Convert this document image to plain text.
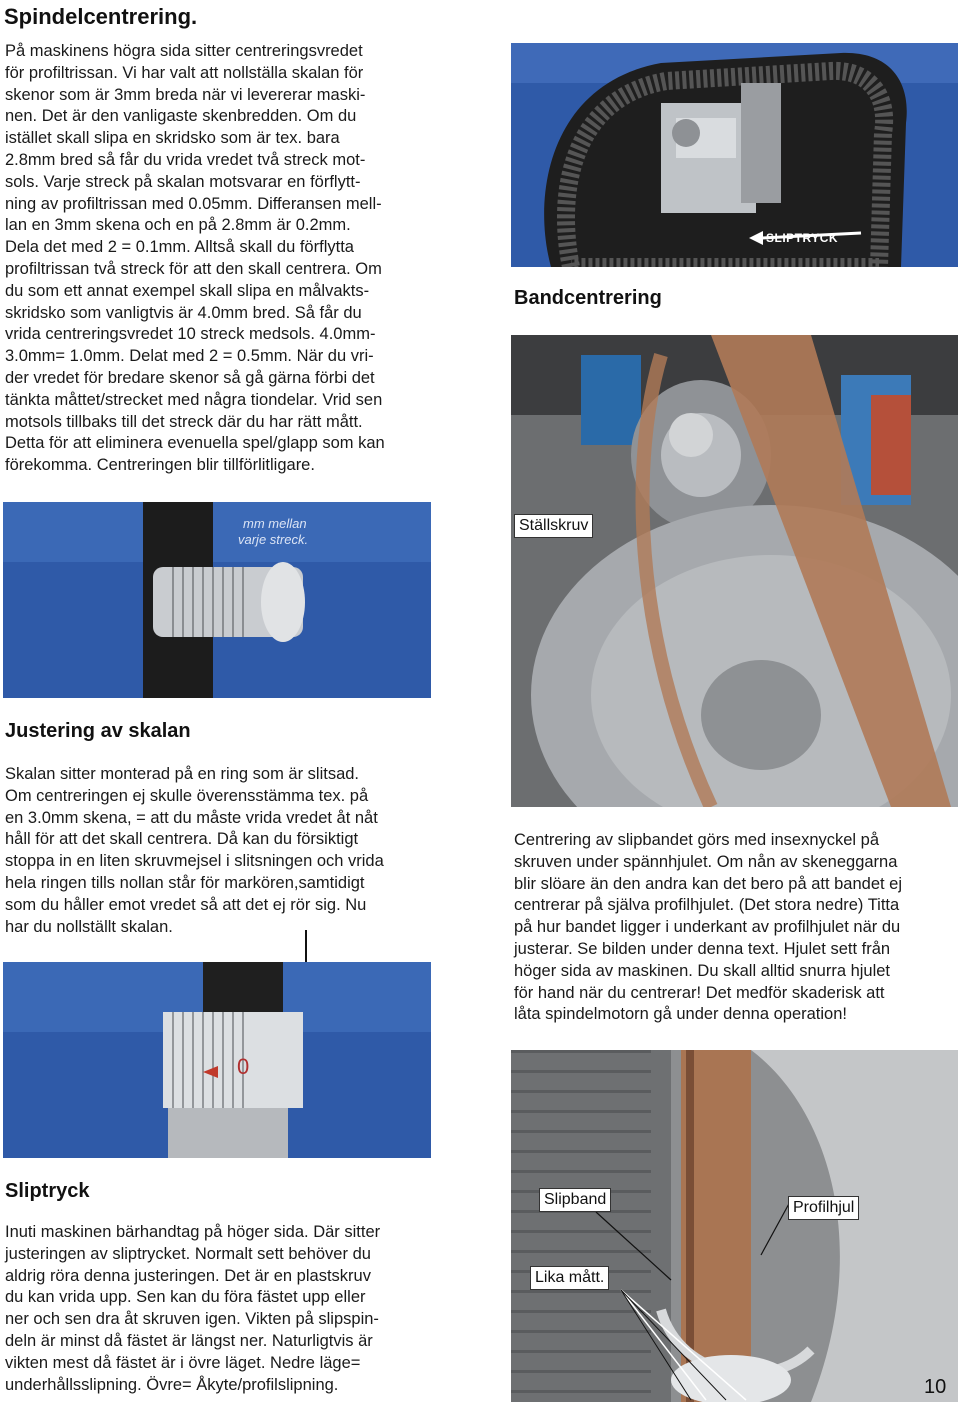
Spindelcentrering.
På maskinens högra sida sitter centreringsvredet
för profiltrissan. Vi har valt att nollställa skalan för
skenor som är 3mm breda när vi levererar maski-
nen. Det är den vanligaste skenbredden. Om du
istället skall slipa en skridsko som är tex. bara
2.8mm bred så får du vrida vredet två streck mot-
sols. Varje streck på skalan motsvarar en förflytt-
ning av profiltrissan med 0.05mm. Differansen mell-
lan en 3mm skena och en på 2.8mm är 0.2mm.
Dela det med 2 = 0.1mm. Alltså skall du förflytta
profiltrissan två streck för att den skall centrera. Om
du som ett annat exempel skall slipa en målvakts-
skridsko som vanligtvis är 4.0mm bred. Så får du
vrida centreringsvredet 10 streck medsols. 4.0mm-
3.0mm= 1.0mm. Delat med 2 = 0.5mm. När du vri-
der vredet för bredare skenor så gå gärna förbi det
tänkta måttet/strecket med några tiondelar. Vrid sen
motsols tillbaks till det streck där du har rätt mått.
Detta för att eliminera evenuella spel/glapp som kan
förekomma. Centreringen blir tillförlitligare.
SLIPTRYCK
Bandcentrering
Ställskruv
mm mellan
varje streck.
Justering av skalan
Skalan sitter monterad på en ring som är slitsad.
Om centreringen ej skulle överensstämma tex. på
en 3.0mm skena, = att du måste vrida vredet åt nåt
håll för att det skall centrera. Då kan du försiktigt
stoppa in en liten skruvmejsel i slitsningen och vrida
hela ringen tills nollan står för markören,samtidigt
som du håller emot vredet så att det ej rör sig. Nu
har du nollställt skalan.
0
Centrering av slipbandet görs med insexnyckel på
skruven under spännhjulet. Om nån av skeneggarna
blir slöare än den andra kan det bero på att bandet ej
centrerar på själva profilhjulet. (Det stora nedre) Titta
på hur bandet ligger i underkant av profilhjulet när du
justerar. Se bilden under denna text. Hjulet sett från
höger sida av maskinen. Du skall alltid snurra hjulet
för hand när du centrerar! Det medför skaderisk att
låta spindelmotorn gå under denna operation!
Slipband	Profilhjul
Lika mått.
Sliptryck
Inuti maskinen bärhandtag på höger sida. Där sitter
justeringen av sliptrycket. Normalt sett behöver du
aldrig röra denna justeringen. Det är en plastskruv
du kan vrida upp. Sen kan du föra fästet upp eller
ner och sen dra åt skruven igen. Vikten på slipspin-
deln är minst då fästet är längst ner. Naturligtvis är
vikten mest då fästet är i övre läget. Nedre läge=
underhållsslipning. Övre= Åkyte/profilslipning.	10
